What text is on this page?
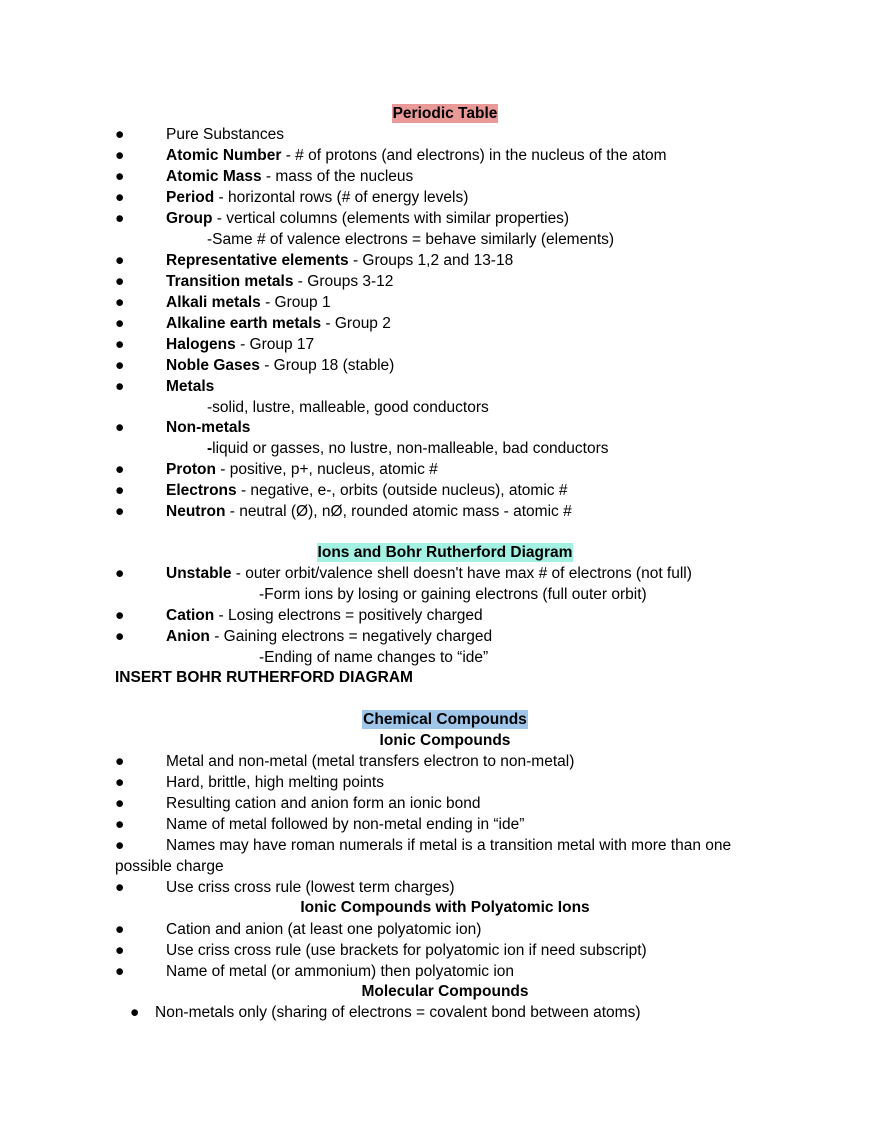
Periodic Table
●	Pure Substances
●	Atomic Number - # of protons (and electrons) in the nucleus of the atom
●	Atomic Mass - mass of the nucleus
●	Period - horizontal rows (# of energy levels)
●	Group - vertical columns (elements with similar properties)
●	Representative elements - Groups 1,2 and 13-18
●	Transition metals - Groups 3-12
●	Alkali metals - Group 1
●	Alkaline earth metals - Group 2
●	Halogens - Group 17
●	Noble Gases - Group 18 (stable)
●	Metals
●	Non-metals
●	Proton - positive, p+, nucleus, atomic #
●	Electrons - negative, e-, orbits (outside nucleus), atomic #
●	Neutron - neutral (Ø), nØ, rounded atomic mass - atomic #
-Same # of valence electrons = behave similarly (elements)
-solid, lustre, malleable, good conductors
-liquid or gasses, no lustre, non-malleable, bad conductors
Ions and Bohr Rutherford Diagram
●	Unstable - outer orbit/valence shell doesn't have max # of electrons (not full)
●	Cation - Losing electrons = positively charged
●	Anion - Gaining electrons = negatively charged
-Form ions by losing or gaining electrons (full outer orbit)
-Ending of name changes to “ide”
INSERT BOHR RUTHERFORD DIAGRAM
Chemical Compounds
Ionic Compounds
●	Metal and non-metal (metal transfers electron to non-metal)
●	Hard, brittle, high melting points
●	Resulting cation and anion form an ionic bond
●	Name of metal followed by non-metal ending in “ide”
●	Names may have roman numerals if metal is a transition metal with more than one
●	Use criss cross rule (lowest term charges)
possible charge
Ionic Compounds with Polyatomic Ions
●	Cation and anion (at least one polyatomic ion)
●	Use criss cross rule (use brackets for polyatomic ion if need subscript)
●	Name of metal (or ammonium) then polyatomic ion
Molecular Compounds
● Non-metals only (sharing of electrons = covalent bond between atoms)
